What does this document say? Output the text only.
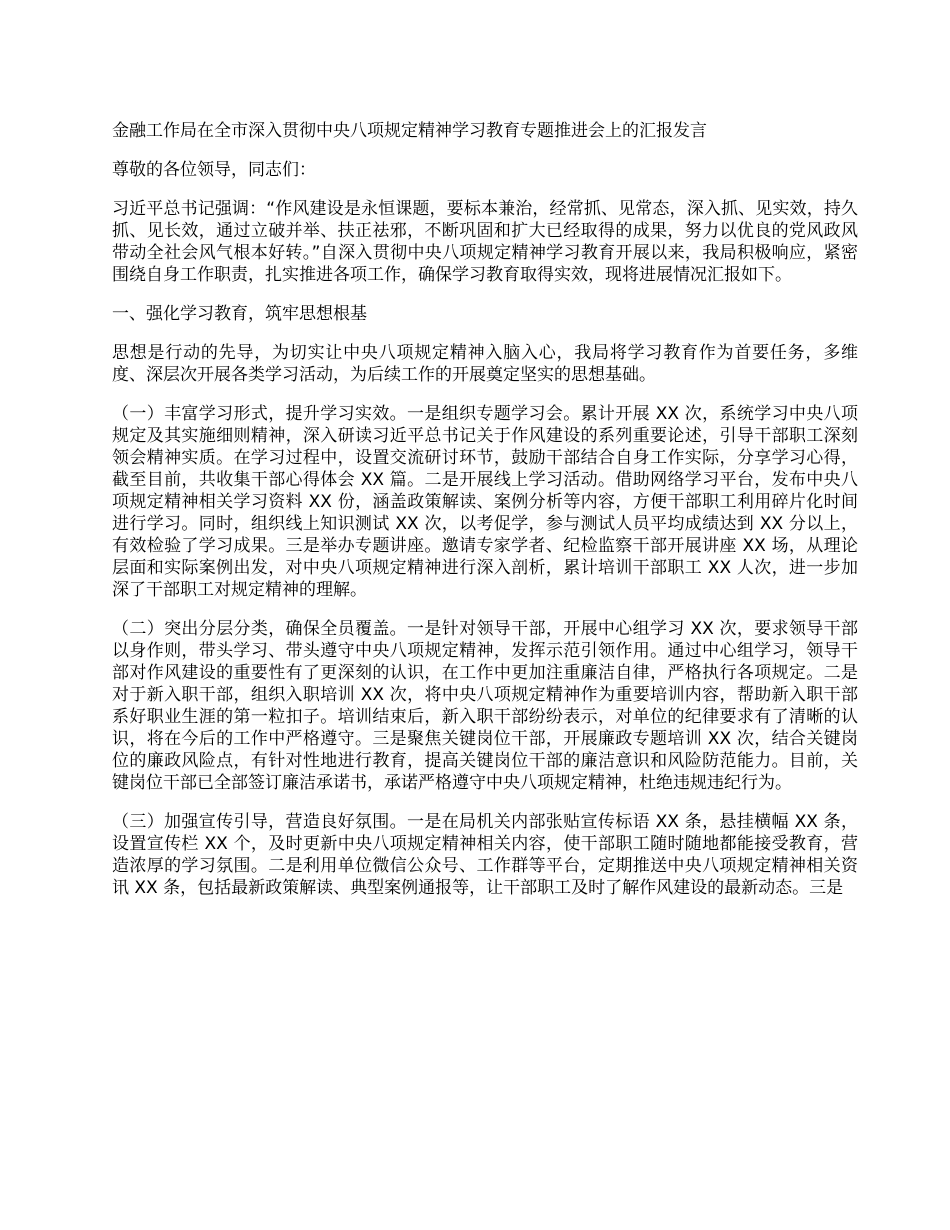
金融工作局在全市深入贯彻中央八项规定精神学习教育专题推进会上的汇报发言

尊敬的各位领导，同志们：

习近平总书记强调：“作风建设是永恒课题，要标本兼治，经常抓、见常态，深入抓、见实效，持久抓、见长效，通过立破并举、扶正祛邪，不断巩固和扩大已经取得的成果，努力以优良的党风政风带动全社会风气根本好转。”自深入贯彻中央八项规定精神学习教育开展以来，我局积极响应，紧密围绕自身工作职责，扎实推进各项工作，确保学习教育取得实效，现将进展情况汇报如下。

一、强化学习教育，筑牢思想根基

思想是行动的先导，为切实让中央八项规定精神入脑入心，我局将学习教育作为首要任务，多维度、深层次开展各类学习活动，为后续工作的开展奠定坚实的思想基础。

（一）丰富学习形式，提升学习实效。一是组织专题学习会。累计开展 XX 次，系统学习中央八项规定及其实施细则精神，深入研读习近平总书记关于作风建设的系列重要论述，引导干部职工深刻领会精神实质。在学习过程中，设置交流研讨环节，鼓励干部结合自身工作实际，分享学习心得，截至目前，共收集干部心得体会 XX 篇。二是开展线上学习活动。借助网络学习平台，发布中央八项规定精神相关学习资料 XX 份，涵盖政策解读、案例分析等内容，方便干部职工利用碎片化时间进行学习。同时，组织线上知识测试 XX 次，以考促学，参与测试人员平均成绩达到 XX 分以上，有效检验了学习成果。三是举办专题讲座。邀请专家学者、纪检监察干部开展讲座 XX 场，从理论层面和实际案例出发，对中央八项规定精神进行深入剖析，累计培训干部职工 XX 人次，进一步加深了干部职工对规定精神的理解。

（二）突出分层分类，确保全员覆盖。一是针对领导干部，开展中心组学习 XX 次，要求领导干部以身作则，带头学习、带头遵守中央八项规定精神，发挥示范引领作用。通过中心组学习，领导干部对作风建设的重要性有了更深刻的认识，在工作中更加注重廉洁自律，严格执行各项规定。二是对于新入职干部，组织入职培训 XX 次，将中央八项规定精神作为重要培训内容，帮助新入职干部系好职业生涯的第一粒扣子。培训结束后，新入职干部纷纷表示，对单位的纪律要求有了清晰的认识，将在今后的工作中严格遵守。三是聚焦关键岗位干部，开展廉政专题培训 XX 次，结合关键岗位的廉政风险点，有针对性地进行教育，提高关键岗位干部的廉洁意识和风险防范能力。目前，关键岗位干部已全部签订廉洁承诺书，承诺严格遵守中央八项规定精神，杜绝违规违纪行为。

（三）加强宣传引导，营造良好氛围。一是在局机关内部张贴宣传标语 XX 条，悬挂横幅 XX 条，设置宣传栏 XX 个，及时更新中央八项规定精神相关内容，使干部职工随时随地都能接受教育，营造浓厚的学习氛围。二是利用单位微信公众号、工作群等平台，定期推送中央八项规定精神相关资讯 XX 条，包括最新政策解读、典型案例通报等，让干部职工及时了解作风建设的最新动态。三是
